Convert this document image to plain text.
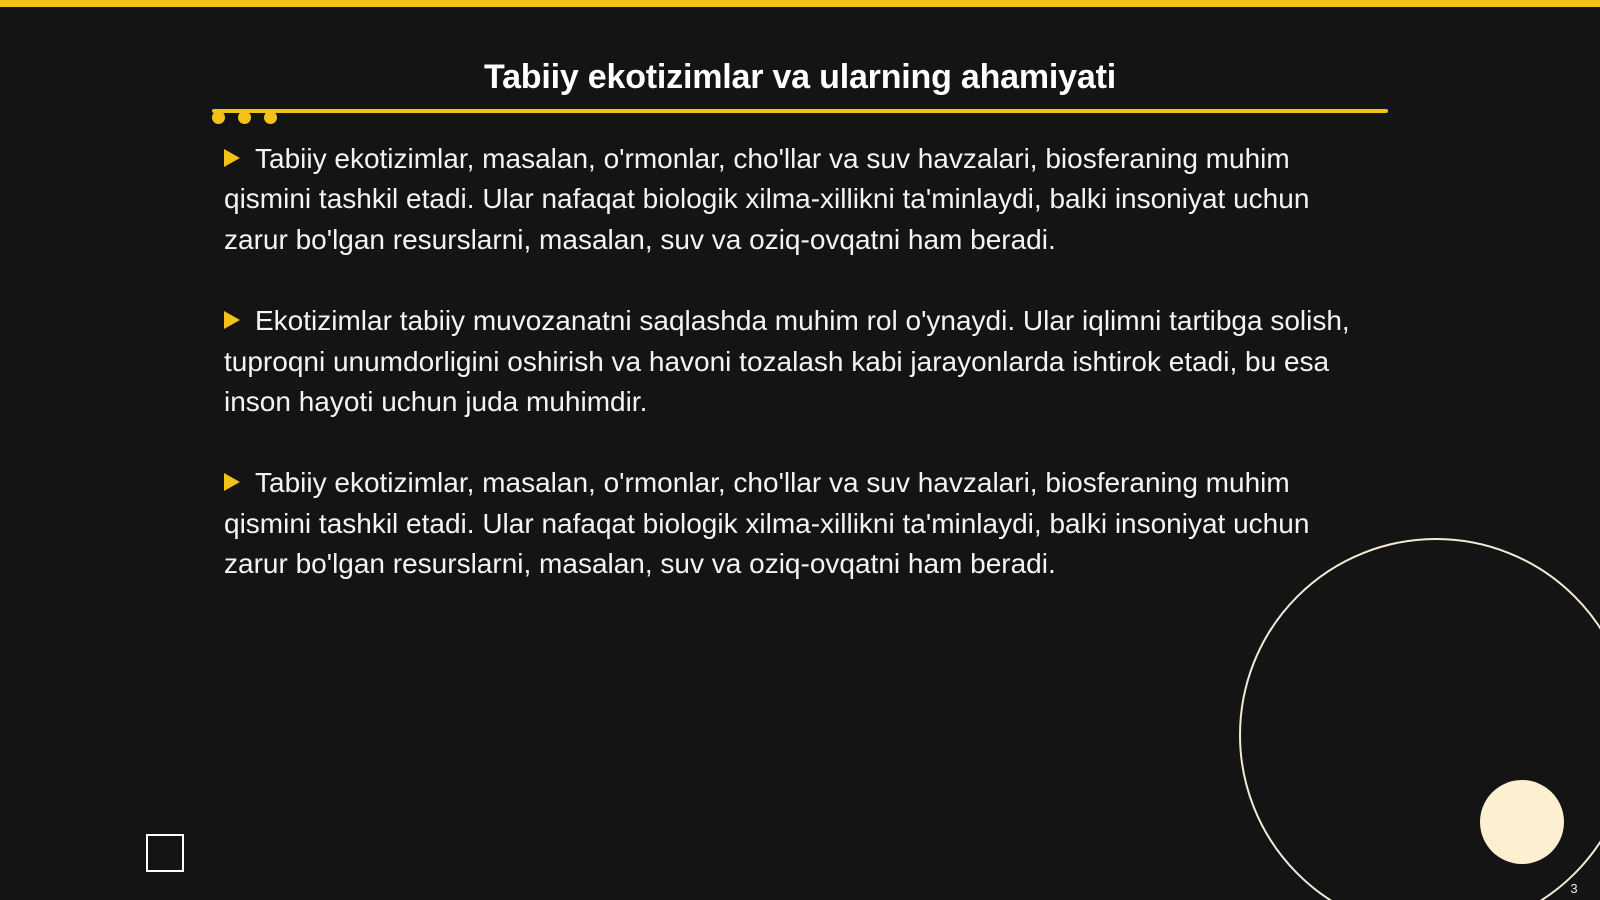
Tabiiy ekotizimlar va ularning ahamiyati
Tabiiy ekotizimlar, masalan, o'rmonlar, cho'llar va suv havzalari, biosferaning muhim qismini tashkil etadi. Ular nafaqat biologik xilma-xillikni ta'minlaydi, balki insoniyat uchun zarur bo'lgan resurslarni, masalan, suv va oziq-ovqatni ham beradi.
Ekotizimlar tabiiy muvozanatni saqlashda muhim rol o'ynaydi. Ular iqlimni tartibga solish, tuproqni unumdorligini oshirish va havoni tozalash kabi jarayonlarda ishtirok etadi, bu esa inson hayoti uchun juda muhimdir.
Tabiiy ekotizimlar, masalan, o'rmonlar, cho'llar va suv havzalari, biosferaning muhim qismini tashkil etadi. Ular nafaqat biologik xilma-xillikni ta'minlaydi, balki insoniyat uchun zarur bo'lgan resurslarni, masalan, suv va oziq-ovqatni ham beradi.
3
